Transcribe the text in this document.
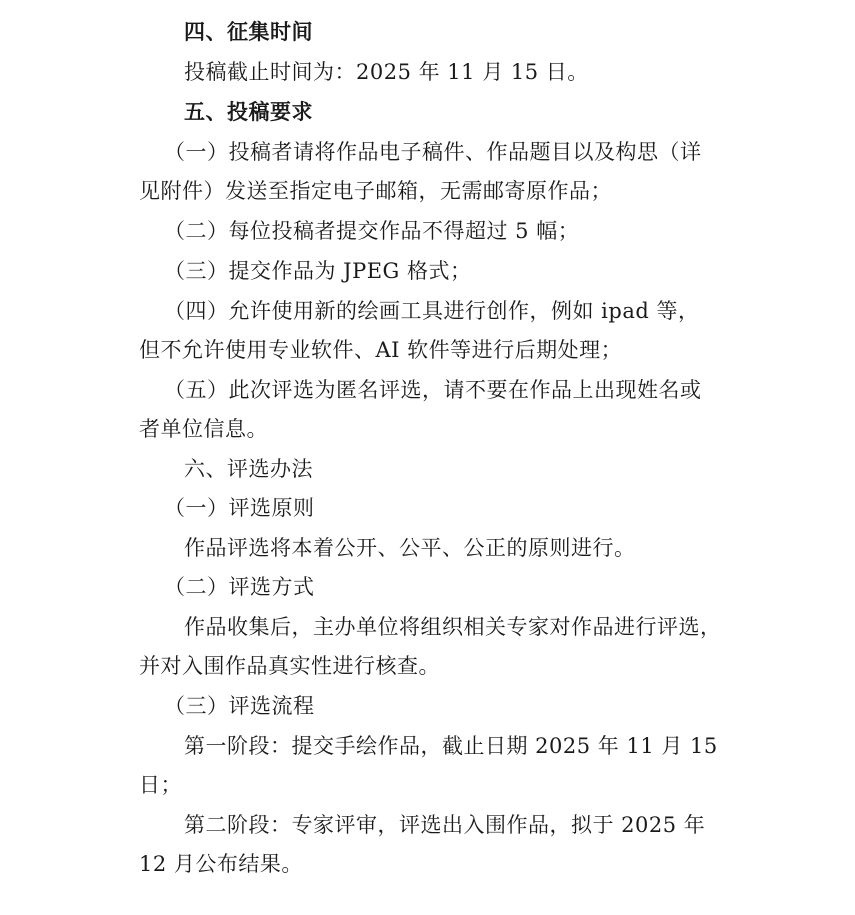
四、征集时间
投稿截止时间为：2025 年 11 月 15 日。
五、投稿要求
（一）投稿者请将作品电子稿件、作品题目以及构思（详
见附件）发送至指定电子邮箱，无需邮寄原作品；
（二）每位投稿者提交作品不得超过 5 幅；
（三）提交作品为 JPEG 格式；
（四）允许使用新的绘画工具进行创作，例如 ipad 等，
但不允许使用专业软件、AI 软件等进行后期处理；
（五）此次评选为匿名评选，请不要在作品上出现姓名或
者单位信息。
六、评选办法
（一）评选原则
作品评选将本着公开、公平、公正的原则进行。
（二）评选方式
作品收集后，主办单位将组织相关专家对作品进行评选，
并对入围作品真实性进行核查。
（三）评选流程
第一阶段：提交手绘作品，截止日期 2025 年 11 月 15
日；
第二阶段：专家评审，评选出入围作品，拟于 2025 年
12 月公布结果。
